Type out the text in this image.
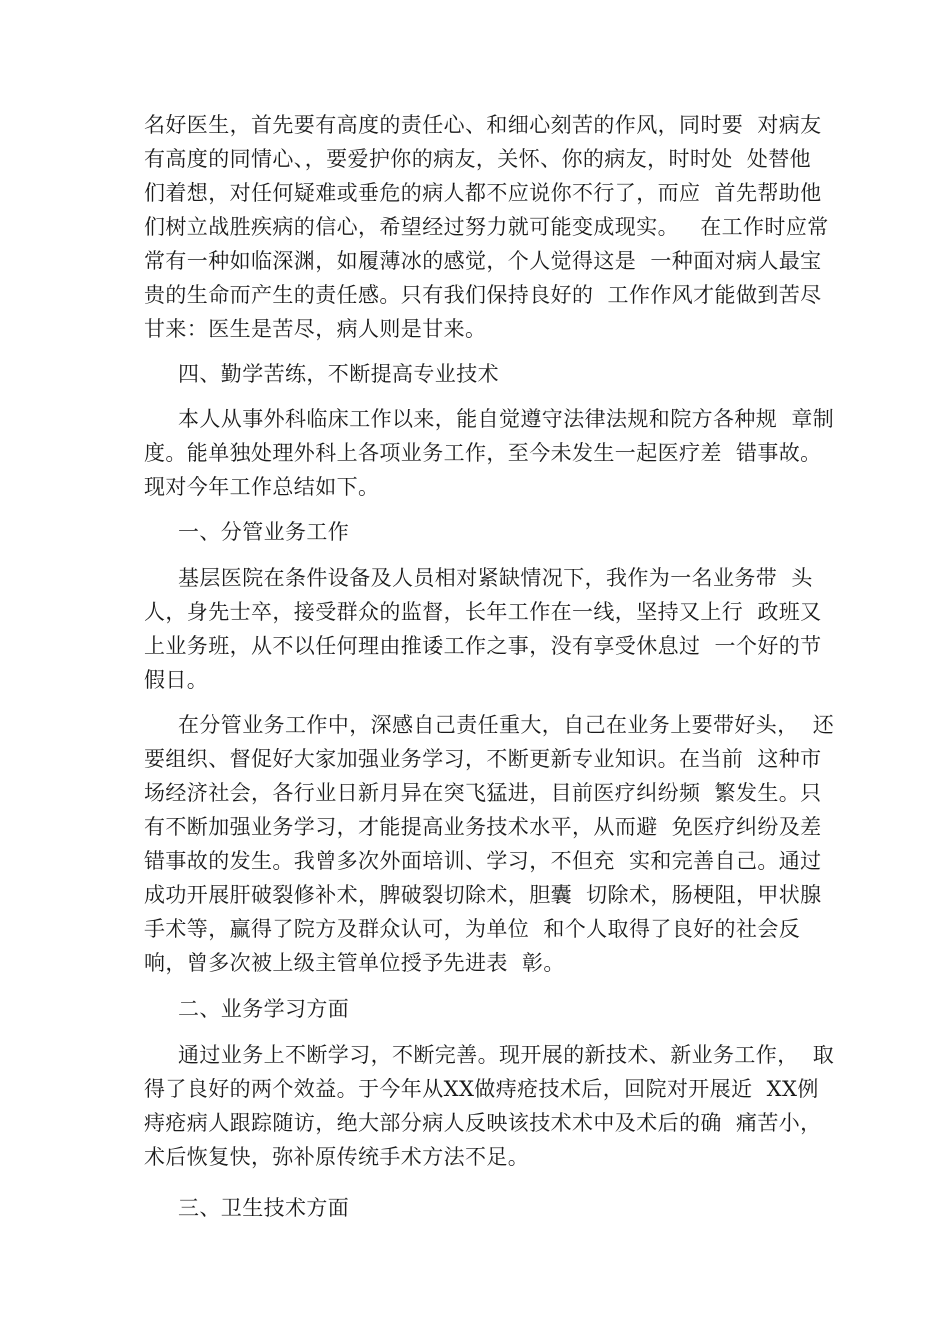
名好医生，首先要有高度的责任心、和细心刻苦的作风，同时要  对病友
有高度的同情心、，要爱护你的病友，关怀、你的病友，时时处  处替他
们着想，对任何疑难或垂危的病人都不应说你不行了，而应  首先帮助他
们树立战胜疾病的信心，希望经过努力就可能变成现实。   在工作时应常
常有一种如临深渊，如履薄冰的感觉，个人觉得这是  一种面对病人最宝
贵的生命而产生的责任感。只有我们保持良好的  工作作风才能做到苦尽
甘来：医生是苦尽，病人则是甘来。
四、勤学苦练，不断提高专业技术
本人从事外科临床工作以来，能自觉遵守法律法规和院方各种规  章制
度。能单独处理外科上各项业务工作，至今未发生一起医疗差  错事故。
现对今年工作总结如下。
一、分管业务工作
基层医院在条件设备及人员相对紧缺情况下，我作为一名业务带  头
人，身先士卒，接受群众的监督，长年工作在一线，坚持又上行  政班又
上业务班，从不以任何理由推诿工作之事，没有享受休息过  一个好的节
假日。
在分管业务工作中，深感自己责任重大，自己在业务上要带好头，  还
要组织、督促好大家加强业务学习，不断更新专业知识。在当前  这种市
场经济社会，各行业日新月异在突飞猛进，目前医疗纠纷频  繁发生。只
有不断加强业务学习，才能提高业务技术水平，从而避  免医疗纠纷及差
错事故的发生。我曾多次外面培训、学习，不但充  实和完善自己。通过
成功开展肝破裂修补术，脾破裂切除术，胆囊  切除术，肠梗阻，甲状腺
手术等，赢得了院方及群众认可，为单位  和个人取得了良好的社会反
响，曾多次被上级主管单位授予先进表  彰。
二、业务学习方面
通过业务上不断学习，不断完善。现开展的新技术、新业务工作，  取
得了良好的两个效益。于今年从XX做痔疮技术后，回院对开展近  XX例
痔疮病人跟踪随访，绝大部分病人反映该技术术中及术后的确  痛苦小，
术后恢复快，弥补原传统手术方法不足。
三、卫生技术方面
